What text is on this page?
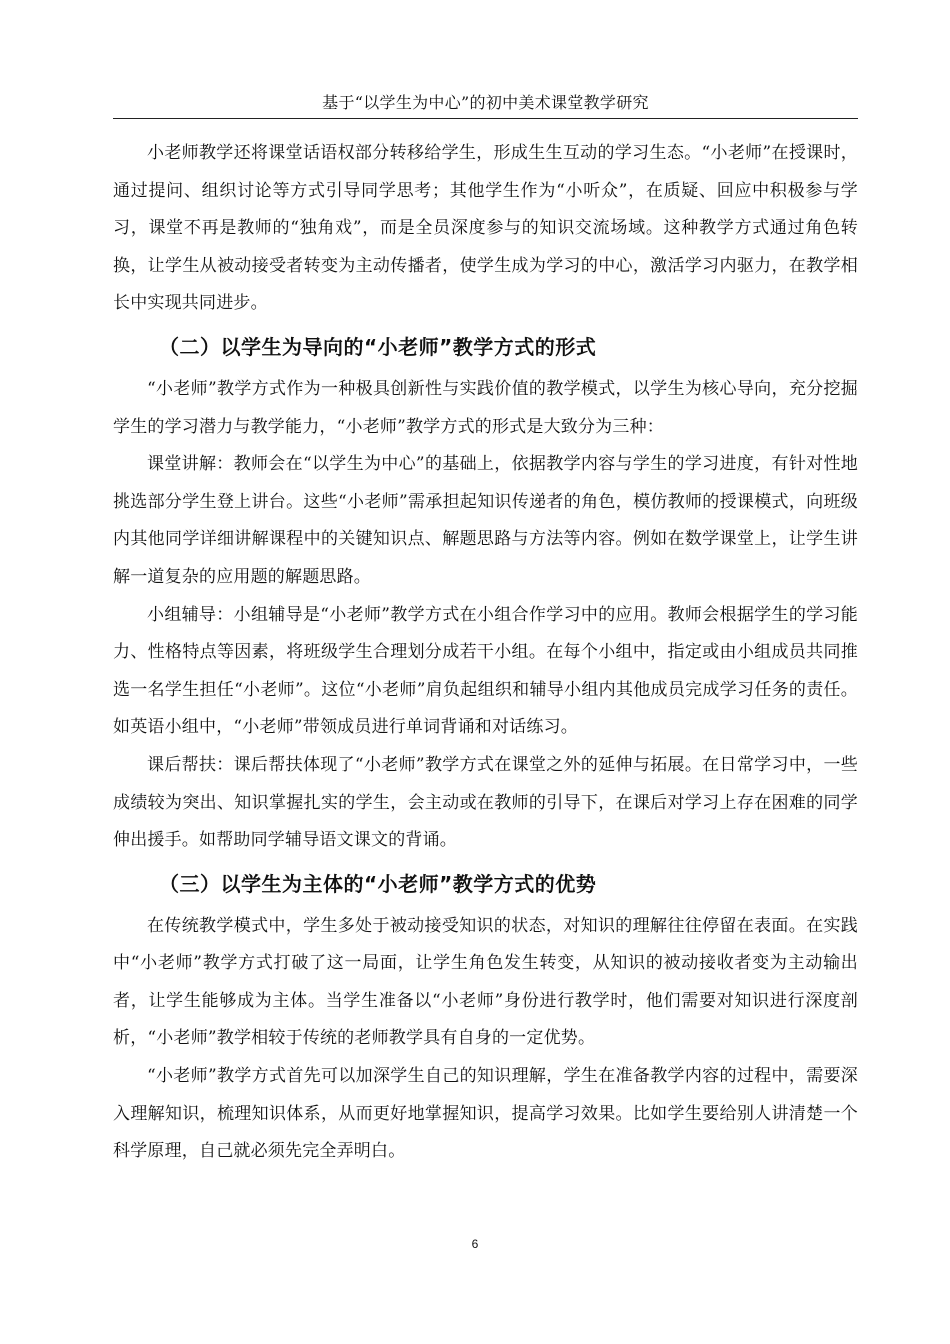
基于“以学生为中心”的初中美术课堂教学研究

小老师教学还将课堂话语权部分转移给学生，形成生生互动的学习生态。“小老师”在授课时，通过提问、组织讨论等方式引导同学思考；其他学生作为“小听众”，在质疑、回应中积极参与学习，课堂不再是教师的“独角戏”，而是全员深度参与的知识交流场域。这种教学方式通过角色转换，让学生从被动接受者转变为主动传播者，使学生成为学习的中心，激活学习内驱力，在教学相长中实现共同进步。

（二）以学生为导向的“小老师”教学方式的形式

“小老师”教学方式作为一种极具创新性与实践价值的教学模式，以学生为核心导向，充分挖掘学生的学习潜力与教学能力，“小老师”教学方式的形式是大致分为三种：

课堂讲解：教师会在“以学生为中心”的基础上，依据教学内容与学生的学习进度，有针对性地挑选部分学生登上讲台。这些“小老师”需承担起知识传递者的角色，模仿教师的授课模式，向班级内其他同学详细讲解课程中的关键知识点、解题思路与方法等内容。例如在数学课堂上，让学生讲解一道复杂的应用题的解题思路。

小组辅导：小组辅导是“小老师”教学方式在小组合作学习中的应用。教师会根据学生的学习能力、性格特点等因素，将班级学生合理划分成若干小组。在每个小组中，指定或由小组成员共同推选一名学生担任“小老师”。这位“小老师”肩负起组织和辅导小组内其他成员完成学习任务的责任。如英语小组中，“小老师”带领成员进行单词背诵和对话练习。

课后帮扶：课后帮扶体现了“小老师”教学方式在课堂之外的延伸与拓展。在日常学习中，一些成绩较为突出、知识掌握扎实的学生，会主动或在教师的引导下，在课后对学习上存在困难的同学伸出援手。如帮助同学辅导语文课文的背诵。

（三）以学生为主体的“小老师”教学方式的优势

在传统教学模式中，学生多处于被动接受知识的状态，对知识的理解往往停留在表面。在实践中“小老师”教学方式打破了这一局面，让学生角色发生转变，从知识的被动接收者变为主动输出者，让学生能够成为主体。当学生准备以“小老师”身份进行教学时，他们需要对知识进行深度剖析，“小老师”教学相较于传统的老师教学具有自身的一定优势。

“小老师”教学方式首先可以加深学生自己的知识理解，学生在准备教学内容的过程中，需要深入理解知识，梳理知识体系，从而更好地掌握知识，提高学习效果。比如学生要给别人讲清楚一个科学原理，自己就必须先完全弄明白。

6
